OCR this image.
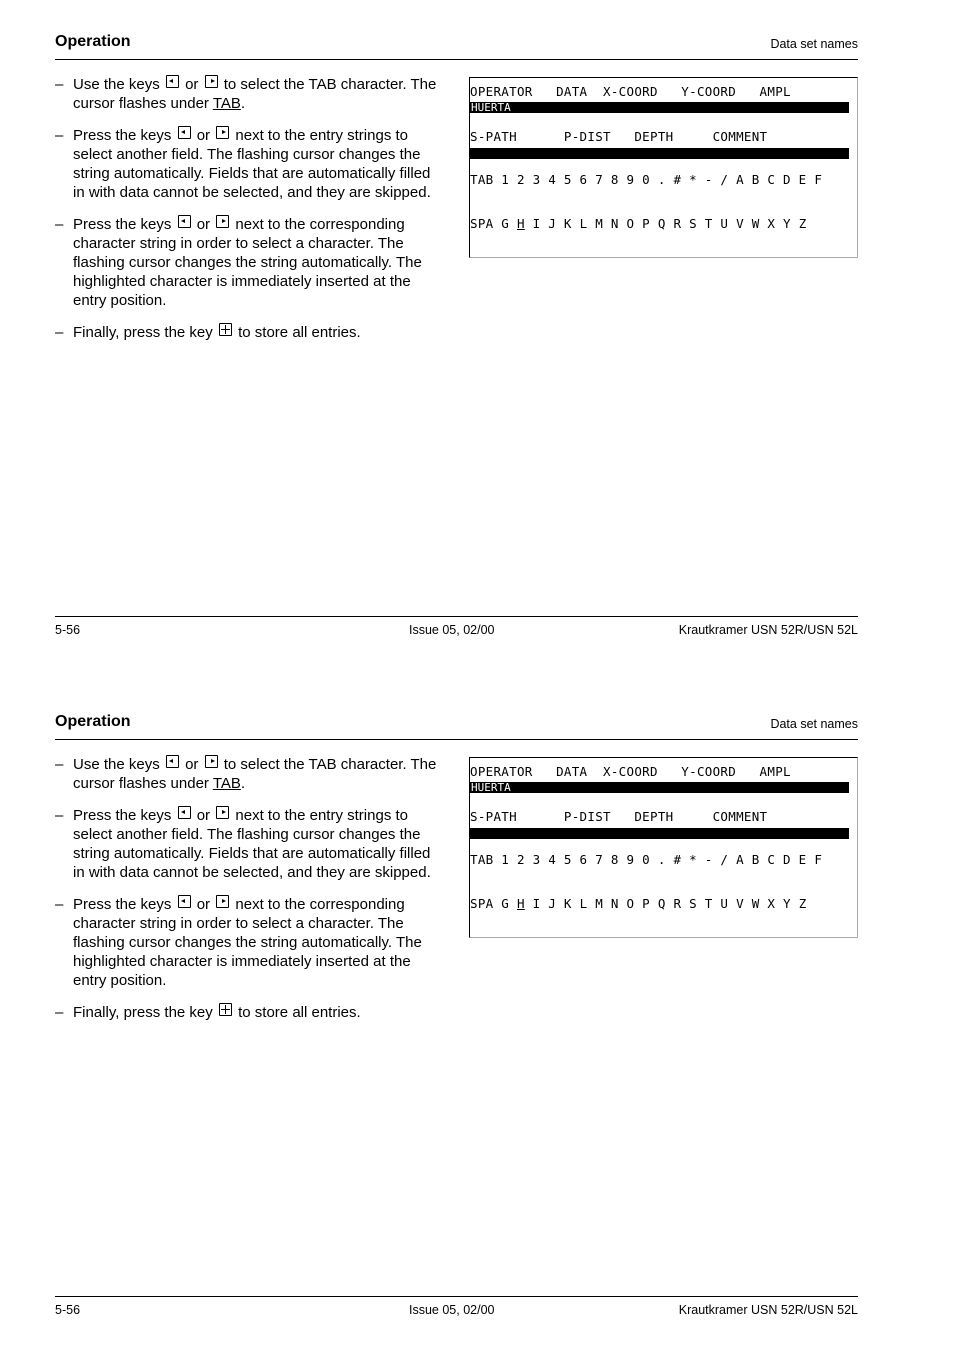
Operation	Data set names
– Use the keys or to select the TAB character. The cursor flashes under TAB.
– Press the keys or next to the entry strings to select another field. The flashing cursor changes the string automatically. Fields that are automatically filled in with data cannot be selected, and they are skipped.
– Press the keys or next to the corresponding character string in order to select a character. The flashing cursor changes the string automatically. The highlighted character is immediately inserted at the entry position.
– Finally, press the key to store all entries.
OPERATOR   DATA  X-COORD   Y-COORD   AMPL
HUERTA
S-PATH      P-DIST   DEPTH     COMMENT
TAB 1 2 3 4 5 6 7 8 9 0 . # * - / A B C D E F
SPA G H I J K L M N O P Q R S T U V W X Y Z
5-56	Issue 05, 02/00	Krautkramer USN 52R/USN 52L
Operation	Data set names
– Use the keys or to select the TAB character. The cursor flashes under TAB.
– Press the keys or next to the entry strings to select another field. The flashing cursor changes the string automatically. Fields that are automatically filled in with data cannot be selected, and they are skipped.
– Press the keys or next to the corresponding character string in order to select a character. The flashing cursor changes the string automatically. The highlighted character is immediately inserted at the entry position.
– Finally, press the key to store all entries.
OPERATOR   DATA  X-COORD   Y-COORD   AMPL
HUERTA
S-PATH      P-DIST   DEPTH     COMMENT
TAB 1 2 3 4 5 6 7 8 9 0 . # * - / A B C D E F
SPA G H I J K L M N O P Q R S T U V W X Y Z
5-56	Issue 05, 02/00	Krautkramer USN 52R/USN 52L
